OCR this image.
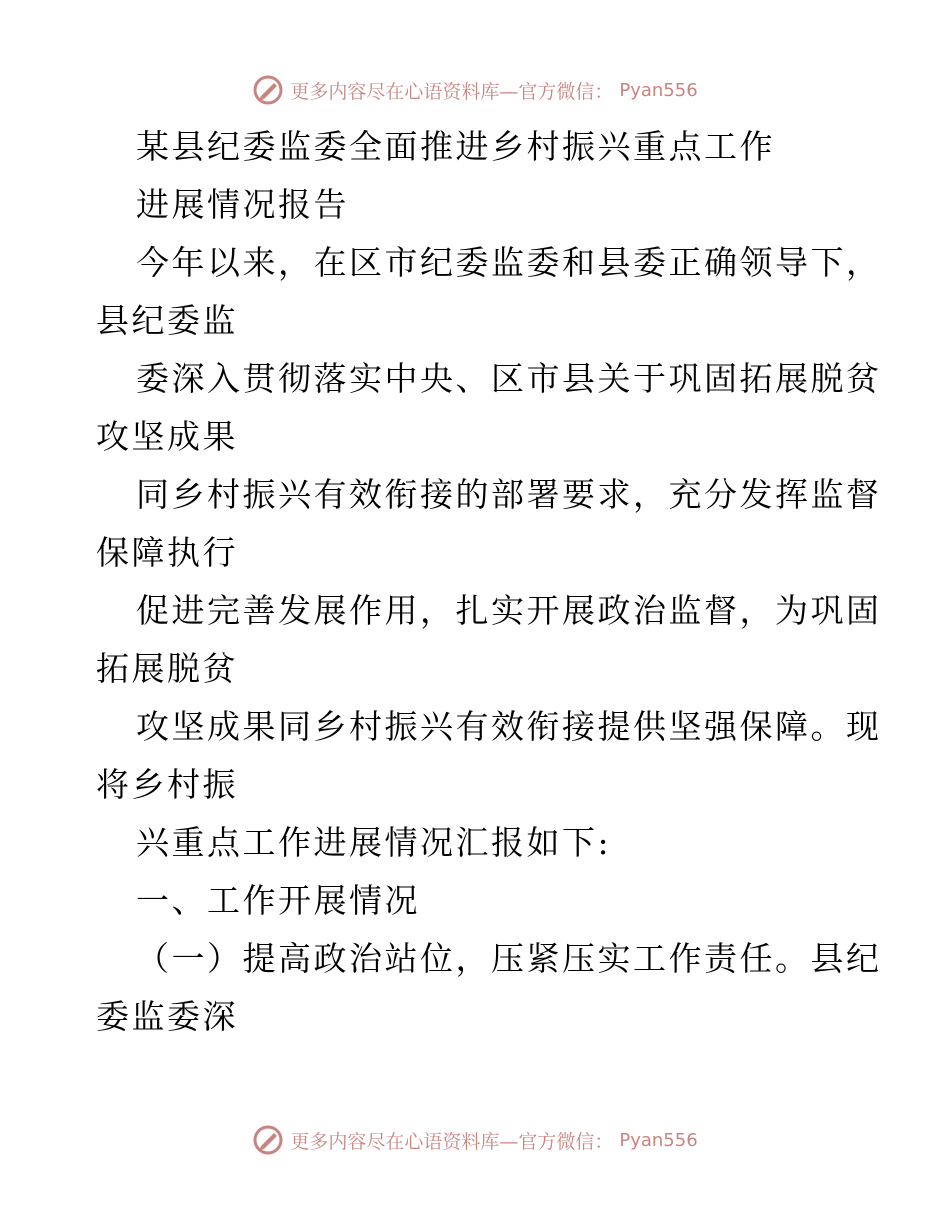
更多内容尽在心语资料库—官方微信： Pyan556
某县纪委监委全面推进乡村振兴重点工作
进展情况报告
今年以来，在区市纪委监委和县委正确领导下，
县纪委监
委深入贯彻落实中央、区市县关于巩固拓展脱贫
攻坚成果
同乡村振兴有效衔接的部署要求，充分发挥监督
保障执行
促进完善发展作用，扎实开展政治监督，为巩固
拓展脱贫
攻坚成果同乡村振兴有效衔接提供坚强保障。现
将乡村振
兴重点工作进展情况汇报如下:
一、工作开展情况
（一）提高政治站位，压紧压实工作责任。县纪
委监委深
更多内容尽在心语资料库—官方微信： Pyan556
